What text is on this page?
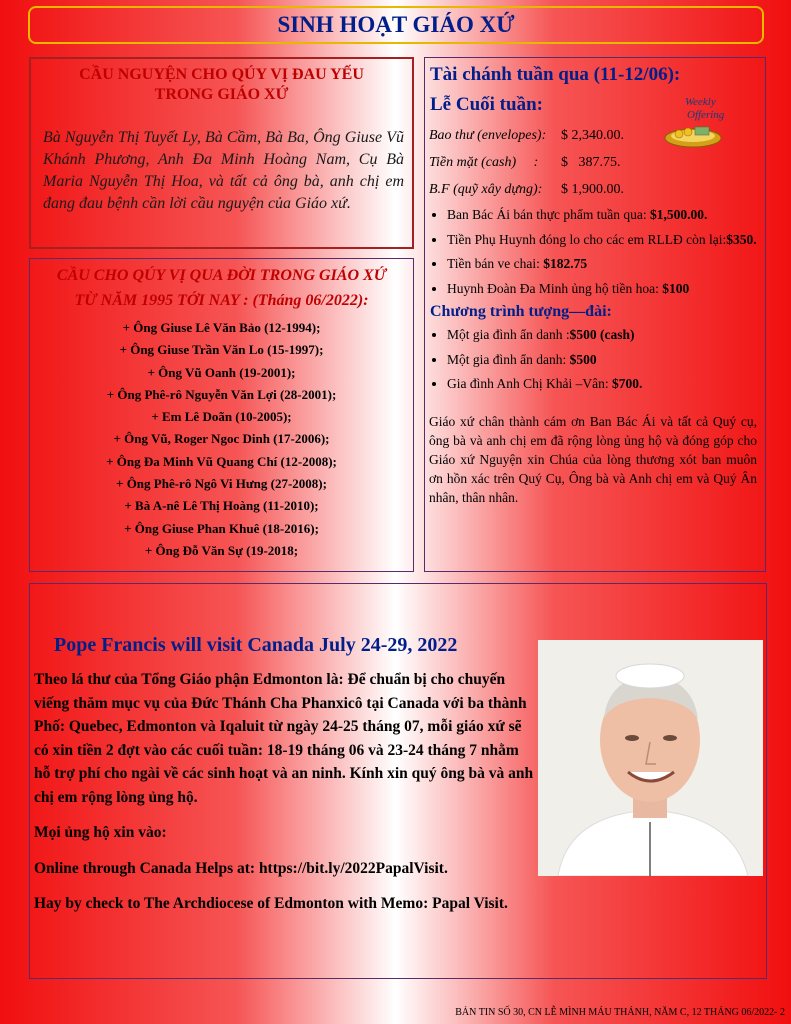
SINH HOẠT GIÁO XỨ
CẦU NGUYỆN CHO QÚY VỊ ĐAU YẾU
TRONG GIÁO XỨ
Bà Nguyễn Thị Tuyết Ly, Bà Cầm, Bà Ba, Ông Giuse Vũ Khánh Phương, Anh Đa Minh Hoàng Nam, Cụ Bà Maria Nguyễn Thị Hoa, và tất cả ông bà, anh chị em đang đau bệnh cần lời cầu nguyện của Giáo xứ.
CẦU CHO QÚY VỊ QUA ĐỜI TRONG GIÁO XỨ
TỪ NĂM 1995 TỚI NAY : (Tháng 06/2022):
+ Ông Giuse Lê Văn Bảo (12-1994);
+ Ông Giuse Trần Văn Lo (15-1997);
+ Ông Vũ Oanh (19-2001);
+ Ông Phê-rô Nguyễn Văn Lợi (28-2001);
+ Em Lê Doãn (10-2005);
+ Ông Vũ, Roger Ngoc Dinh (17-2006);
+ Ông Đa Minh Vũ Quang Chí (12-2008);
+ Ông Phê-rô Ngô Vi Hưng (27-2008);
+ Bà A-nê Lê Thị Hoàng (11-2010);
+ Ông Giuse Phan Khuê (18-2016);
+ Ông Đỗ Văn Sự (19-2018;
Tài chánh tuần qua (11-12/06):
Lễ Cuối tuần:	Weekly
Offering
Bao thư (envelopes): $ 2,340.00.
Tiền mặt (cash)     : $   387.75.
B.F (quỹ xây dựng): $ 1,900.00.
• Ban Bác Ái bán thực phẩm tuần qua: $1,500.00.
• Tiền Phụ Huynh đóng lo cho các em RLLĐ còn lại:$350.
• Tiền bán ve chai: $182.75
• Huynh Đoàn Đa Minh ủng hộ tiền hoa: $100
Chương trình tượng—đài:
• Một gia đình ẩn danh :$500 (cash)
• Một gia đình ẩn danh: $500
• Gia đình Anh Chị Khải –Vân: $700.
Giáo xứ chân thành cám ơn Ban Bác Ái và tất cả Quý cụ, ông bà và anh chị em đã rộng lòng ủng hộ và đóng góp cho Giáo xứ Nguyện xin Chúa của lòng thương xót ban muôn ơn hồn xác trên Quý Cụ, Ông bà và Anh chị em và Quý Ân nhân, thân nhân.
Pope Francis will visit Canada July 24-29, 2022

Theo lá thư của Tổng Giáo phận Edmonton là: Để chuẩn bị cho chuyến viếng thăm mục vụ của Đức Thánh Cha Phanxicô tại Canada với ba thành Phố: Quebec, Edmonton và Iqaluit từ ngày 24-25 tháng 07, mỗi giáo xứ sẽ có xin tiền 2 đợt vào các cuối tuần: 18-19 tháng 06 và 23-24 tháng 7 nhằm hỗ trợ phí cho ngài về các sinh hoạt và an ninh. Kính xin quý ông bà và anh chị em rộng lòng ủng hộ.

Mọi ủng hộ xin vào:

Online through Canada Helps at: https://bit.ly/2022PapalVisit.

Hay by check to The Archdiocese of Edmonton with Memo: Papal Visit.

BẢN TIN SỐ 30, CN LỄ MÌNH MÁU THÁNH, NĂM C, 12 THÁNG 06/2022- 2
